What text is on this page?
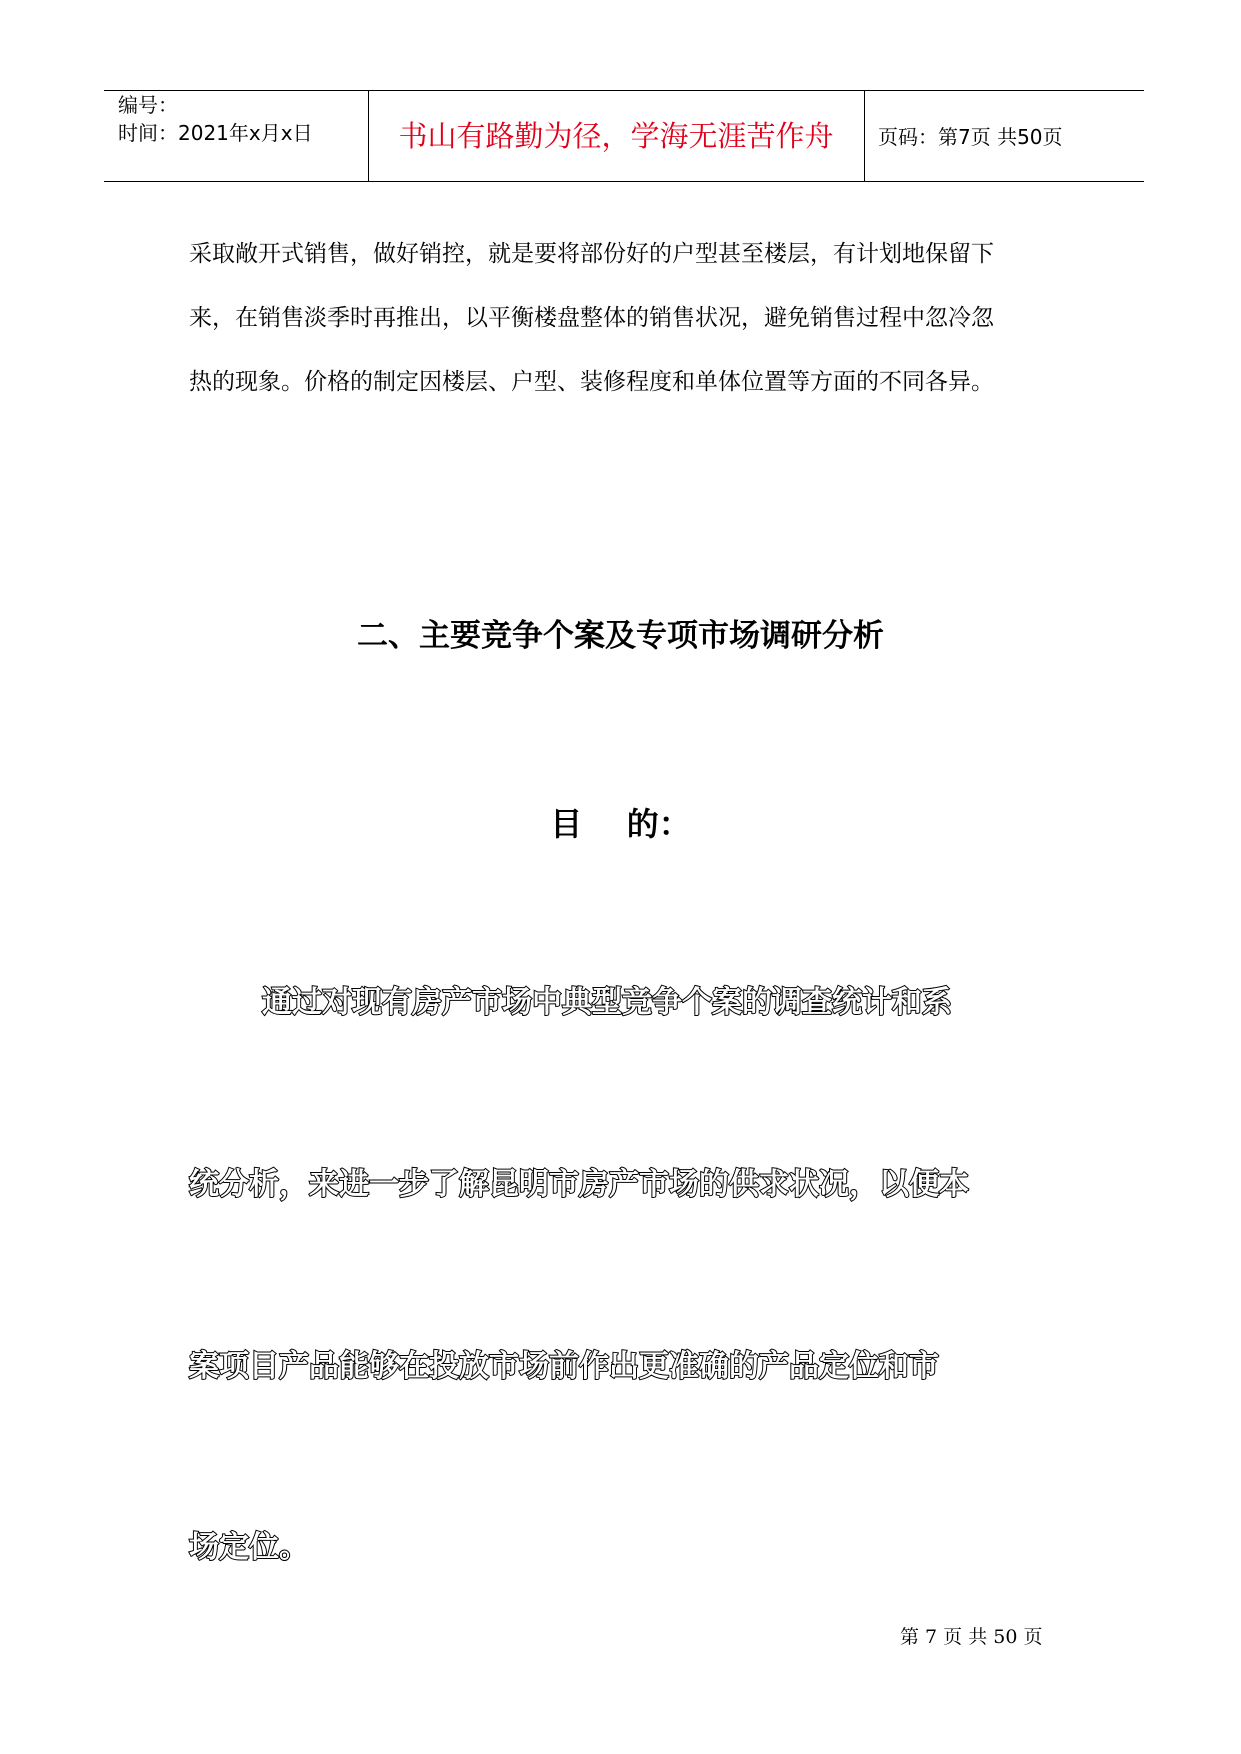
编号：
时间：2021年x月x日	书山有路勤为径，学海无涯苦作舟	页码：第7页 共50页
采取敞开式销售，做好销控，就是要将部份好的户型甚至楼层，有计划地保留下
来，在销售淡季时再推出，以平衡楼盘整体的销售状况，避免销售过程中忽冷忽
热的现象。价格的制定因楼层、户型、装修程度和单体位置等方面的不同各异。
二、主要竞争个案及专项市场调研分析
目    的：
通过对现有房产市场中典型竞争个案的调查统计和系
统分析，来进一步了解昆明市房产市场的供求状况，以便本
案项目产品能够在投放市场前作出更准确的产品定位和市
场定位。
第 7 页 共 50 页
